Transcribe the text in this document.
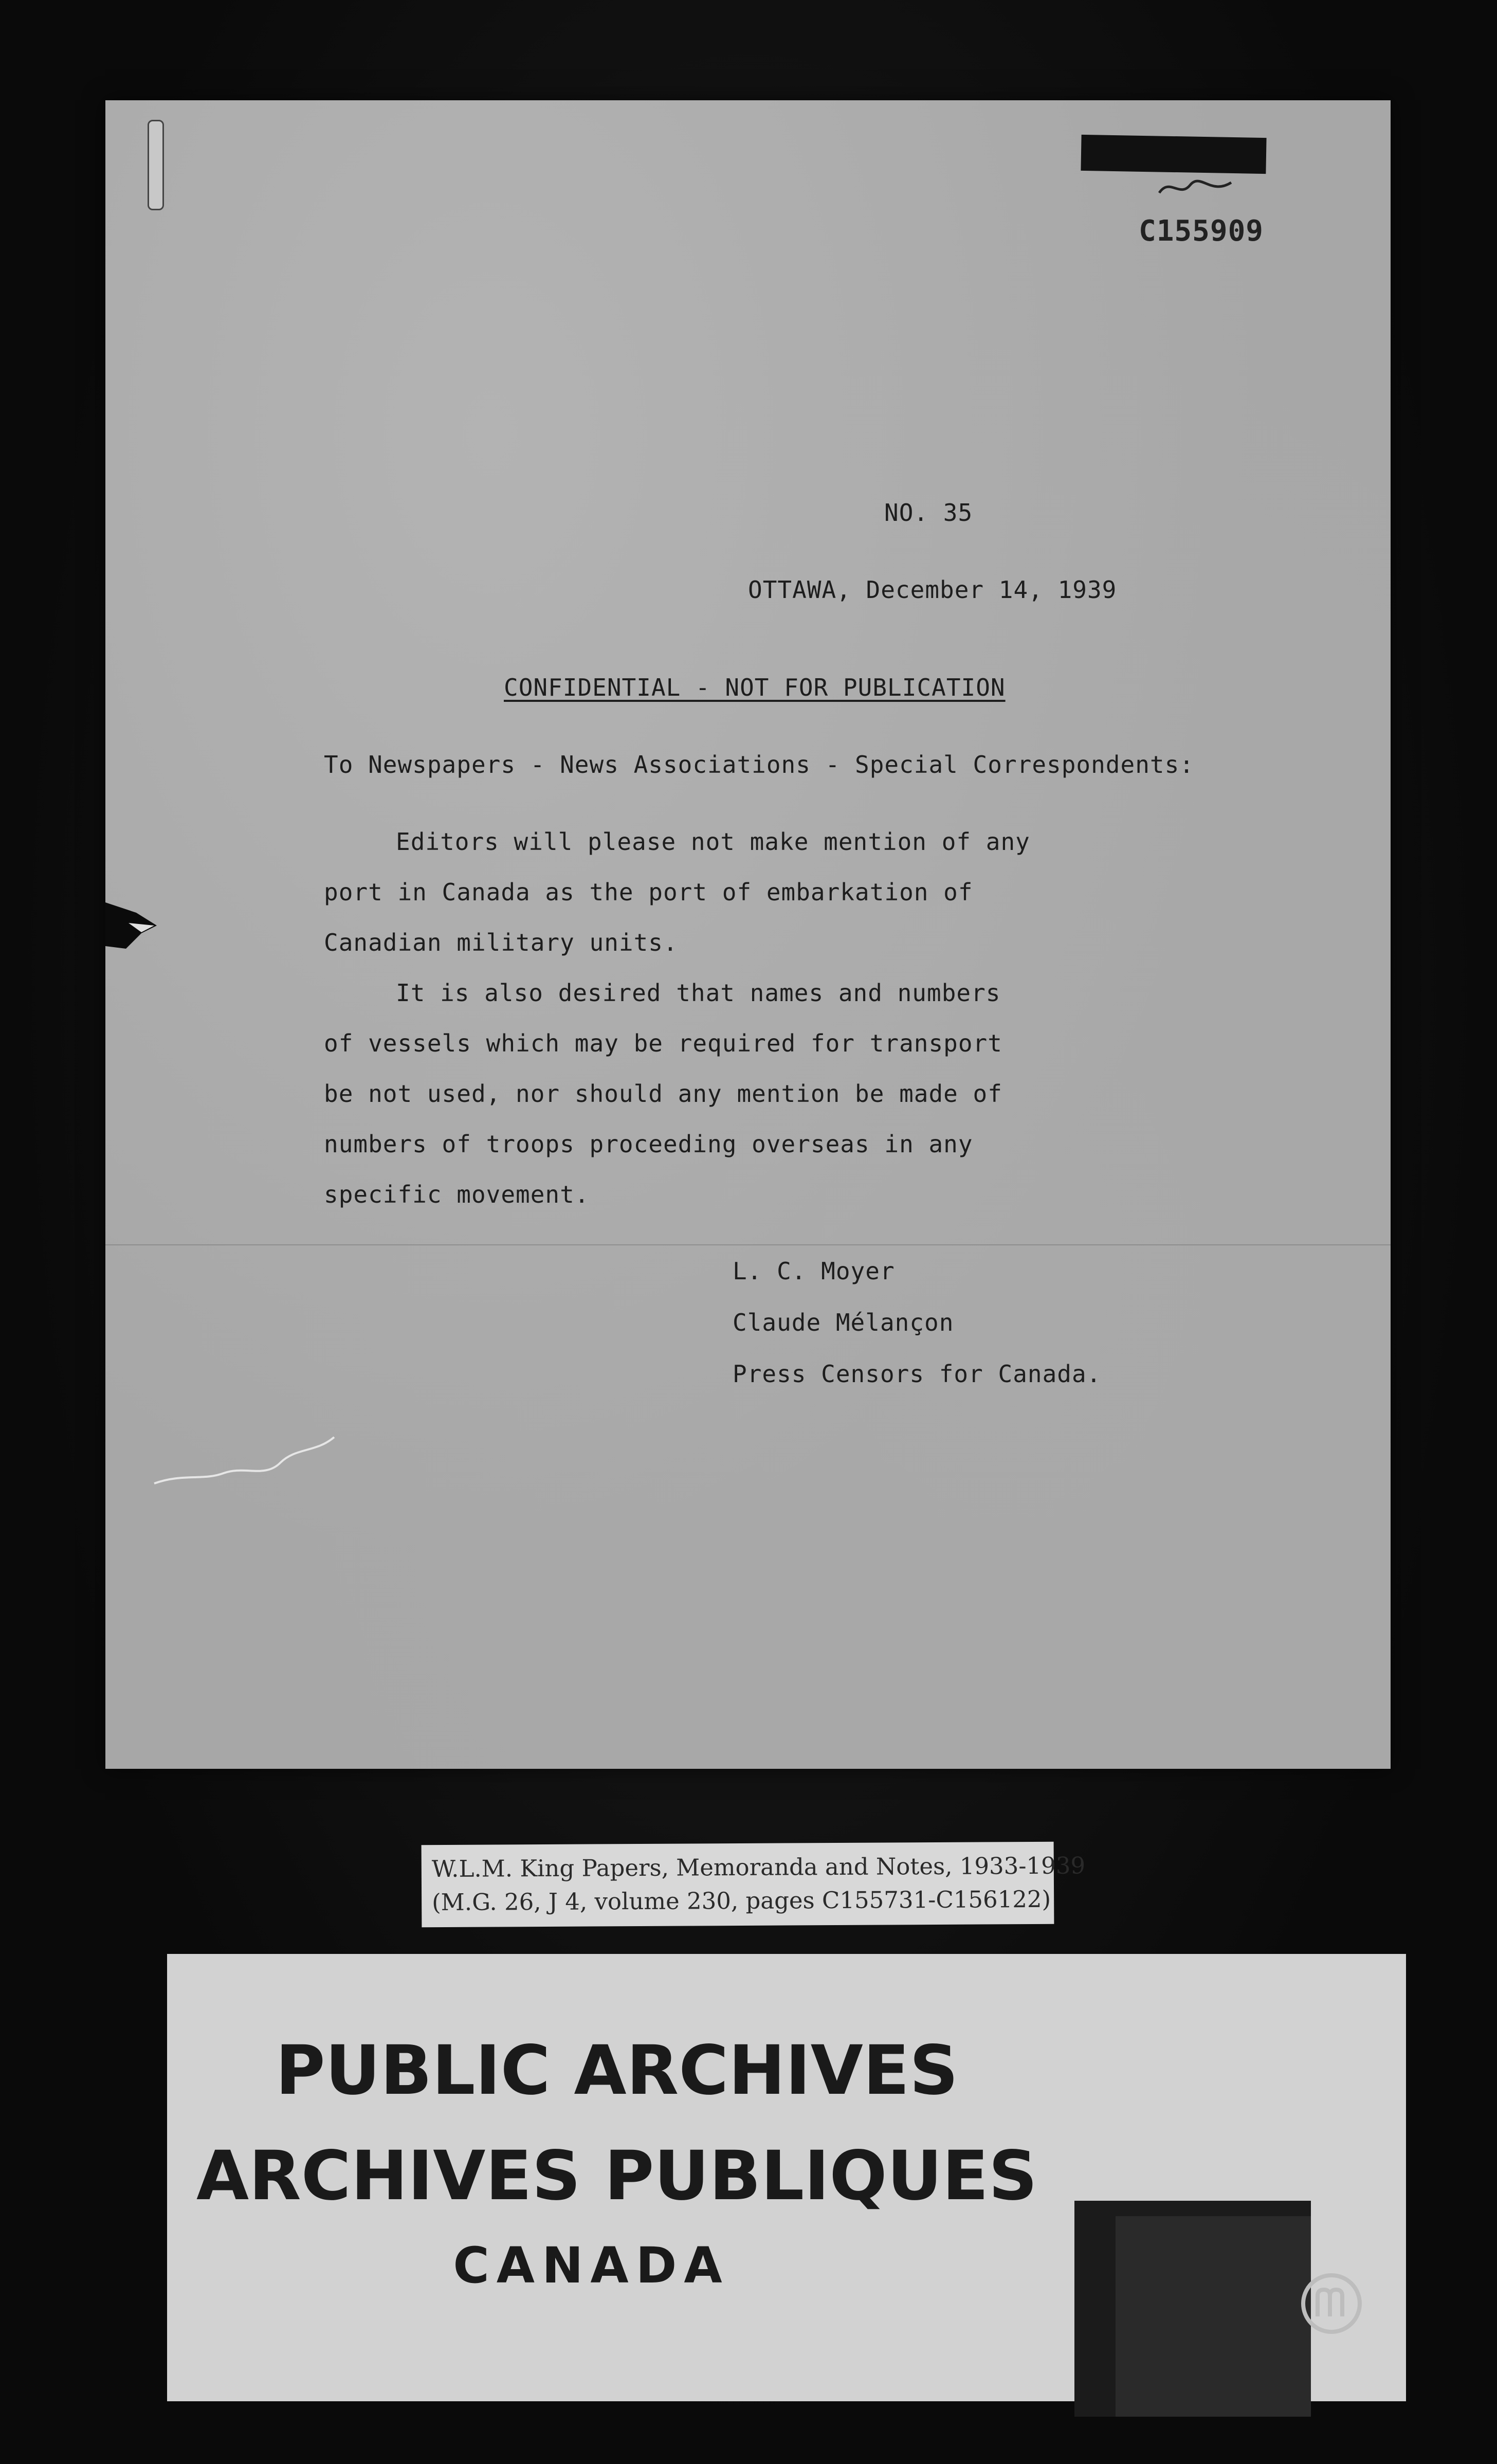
C155909
NO. 35
OTTAWA, December 14, 1939
CONFIDENTIAL - NOT FOR PUBLICATION
To Newspapers - News Associations - Special Correspondents:
Editors will please not make mention of any
port in Canada as the port of embarkation of
Canadian military units.
It is also desired that names and numbers
of vessels which may be required for transport
be not used, nor should any mention be made of
numbers of troops proceeding overseas in any
specific movement.
L. C. Moyer
Claude Mélançon
Press Censors for Canada.
W.L.M. King Papers, Memoranda and Notes, 1933-1939
(M.G. 26, J 4, volume 230, pages C155731-C156122)
PUBLIC ARCHIVES
ARCHIVES PUBLIQUES
CANADA
